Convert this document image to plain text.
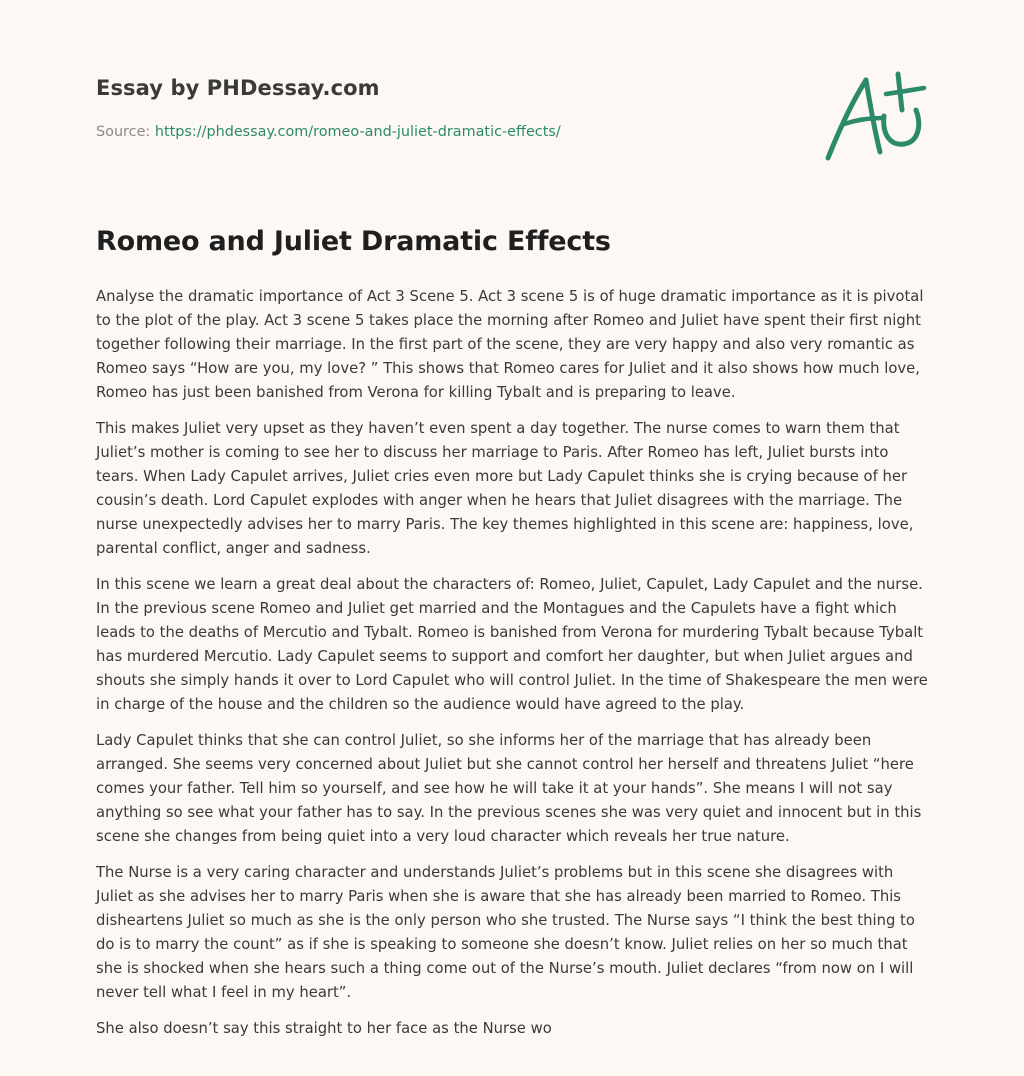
Essay by PHDessay.com
Source: https://phdessay.com/romeo-and-juliet-dramatic-effects/
Romeo and Juliet Dramatic Effects

Analyse the dramatic importance of Act 3 Scene 5. Act 3 scene 5 is of huge dramatic importance as it is pivotal to the plot of the play. Act 3 scene 5 takes place the morning after Romeo and Juliet have spent their first night together following their marriage. In the first part of the scene, they are very happy and also very romantic as Romeo says “How are you, my love? ” This shows that Romeo cares for Juliet and it also shows how much love, Romeo has just been banished from Verona for killing Tybalt and is preparing to leave.

This makes Juliet very upset as they haven’t even spent a day together. The nurse comes to warn them that Juliet’s mother is coming to see her to discuss her marriage to Paris. After Romeo has left, Juliet bursts into tears. When Lady Capulet arrives, Juliet cries even more but Lady Capulet thinks she is crying because of her cousin’s death. Lord Capulet explodes with anger when he hears that Juliet disagrees with the marriage. The nurse unexpectedly advises her to marry Paris. The key themes highlighted in this scene are: happiness, love, parental conflict, anger and sadness.

In this scene we learn a great deal about the characters of: Romeo, Juliet, Capulet, Lady Capulet and the nurse. In the previous scene Romeo and Juliet get married and the Montagues and the Capulets have a fight which leads to the deaths of Mercutio and Tybalt. Romeo is banished from Verona for murdering Tybalt because Tybalt has murdered Mercutio. Lady Capulet seems to support and comfort her daughter, but when Juliet argues and shouts she simply hands it over to Lord Capulet who will control Juliet. In the time of Shakespeare the men were in charge of the house and the children so the audience would have agreed to the play.

Lady Capulet thinks that she can control Juliet, so she informs her of the marriage that has already been arranged. She seems very concerned about Juliet but she cannot control her herself and threatens Juliet “here comes your father. Tell him so yourself, and see how he will take it at your hands”. She means I will not say anything so see what your father has to say. In the previous scenes she was very quiet and innocent but in this scene she changes from being quiet into a very loud character which reveals her true nature.

The Nurse is a very caring character and understands Juliet’s problems but in this scene she disagrees with Juliet as she advises her to marry Paris when she is aware that she has already been married to Romeo. This disheartens Juliet so much as she is the only person who she trusted. The Nurse says “I think the best thing to do is to marry the count” as if she is speaking to someone she doesn’t know. Juliet relies on her so much that she is shocked when she hears such a thing come out of the Nurse’s mouth. Juliet declares “from now on I will never tell what I feel in my heart”.

She also doesn’t say this straight to her face as the Nurse wo
